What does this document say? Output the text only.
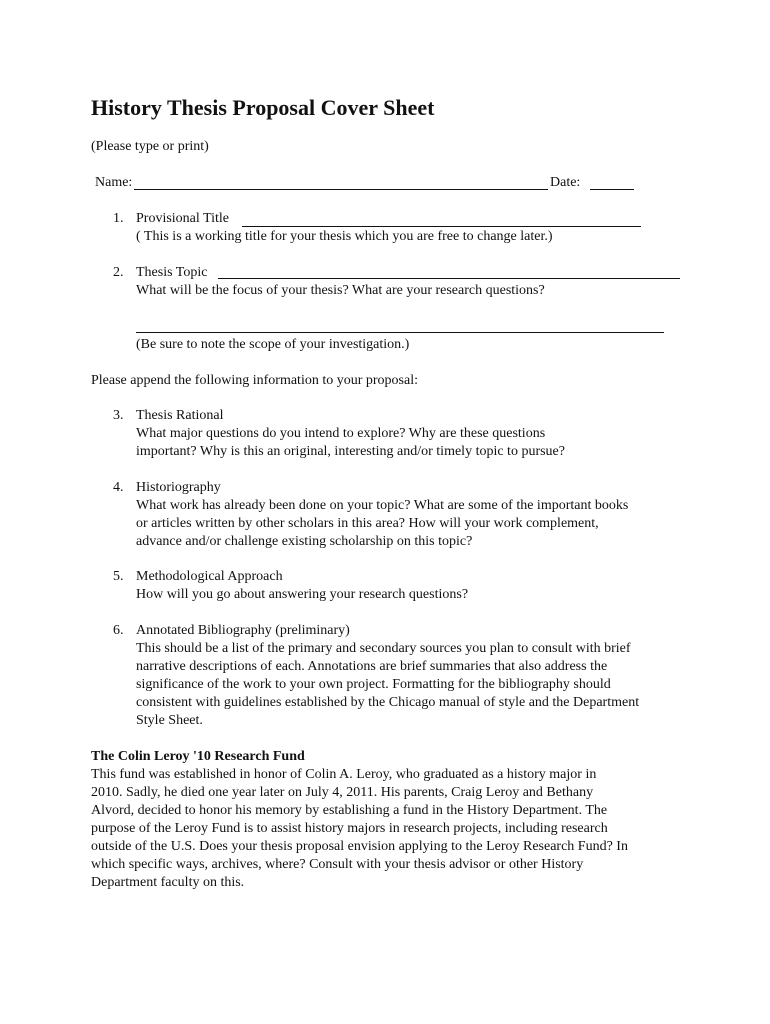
History Thesis Proposal Cover Sheet
(Please type or print)
Name:	Date:
1. Provisional Title
( This is a working title for your thesis which you are free to change later.)
2. Thesis Topic
What will be the focus of your thesis? What are your research questions?
(Be sure to note the scope of your investigation.)
Please append the following information to your proposal:
3. Thesis Rational
What major questions do you intend to explore? Why are these questions
important? Why is this an original, interesting and/or timely topic to pursue?
4. Historiography
What work has already been done on your topic? What are some of the important books
or articles written by other scholars in this area? How will your work complement,
advance and/or challenge existing scholarship on this topic?
5. Methodological Approach
How will you go about answering your research questions?
6. Annotated Bibliography (preliminary)
This should be a list of the primary and secondary sources you plan to consult with brief
narrative descriptions of each. Annotations are brief summaries that also address the
significance of the work to your own project. Formatting for the bibliography should
consistent with guidelines established by the Chicago manual of style and the Department
Style Sheet.
The Colin Leroy '10 Research Fund
This fund was established in honor of Colin A. Leroy, who graduated as a history major in
2010. Sadly, he died one year later on July 4, 2011. His parents, Craig Leroy and Bethany
Alvord, decided to honor his memory by establishing a fund in the History Department. The
purpose of the Leroy Fund is to assist history majors in research projects, including research
outside of the U.S. Does your thesis proposal envision applying to the Leroy Research Fund? In
which specific ways, archives, where? Consult with your thesis advisor or other History
Department faculty on this.
